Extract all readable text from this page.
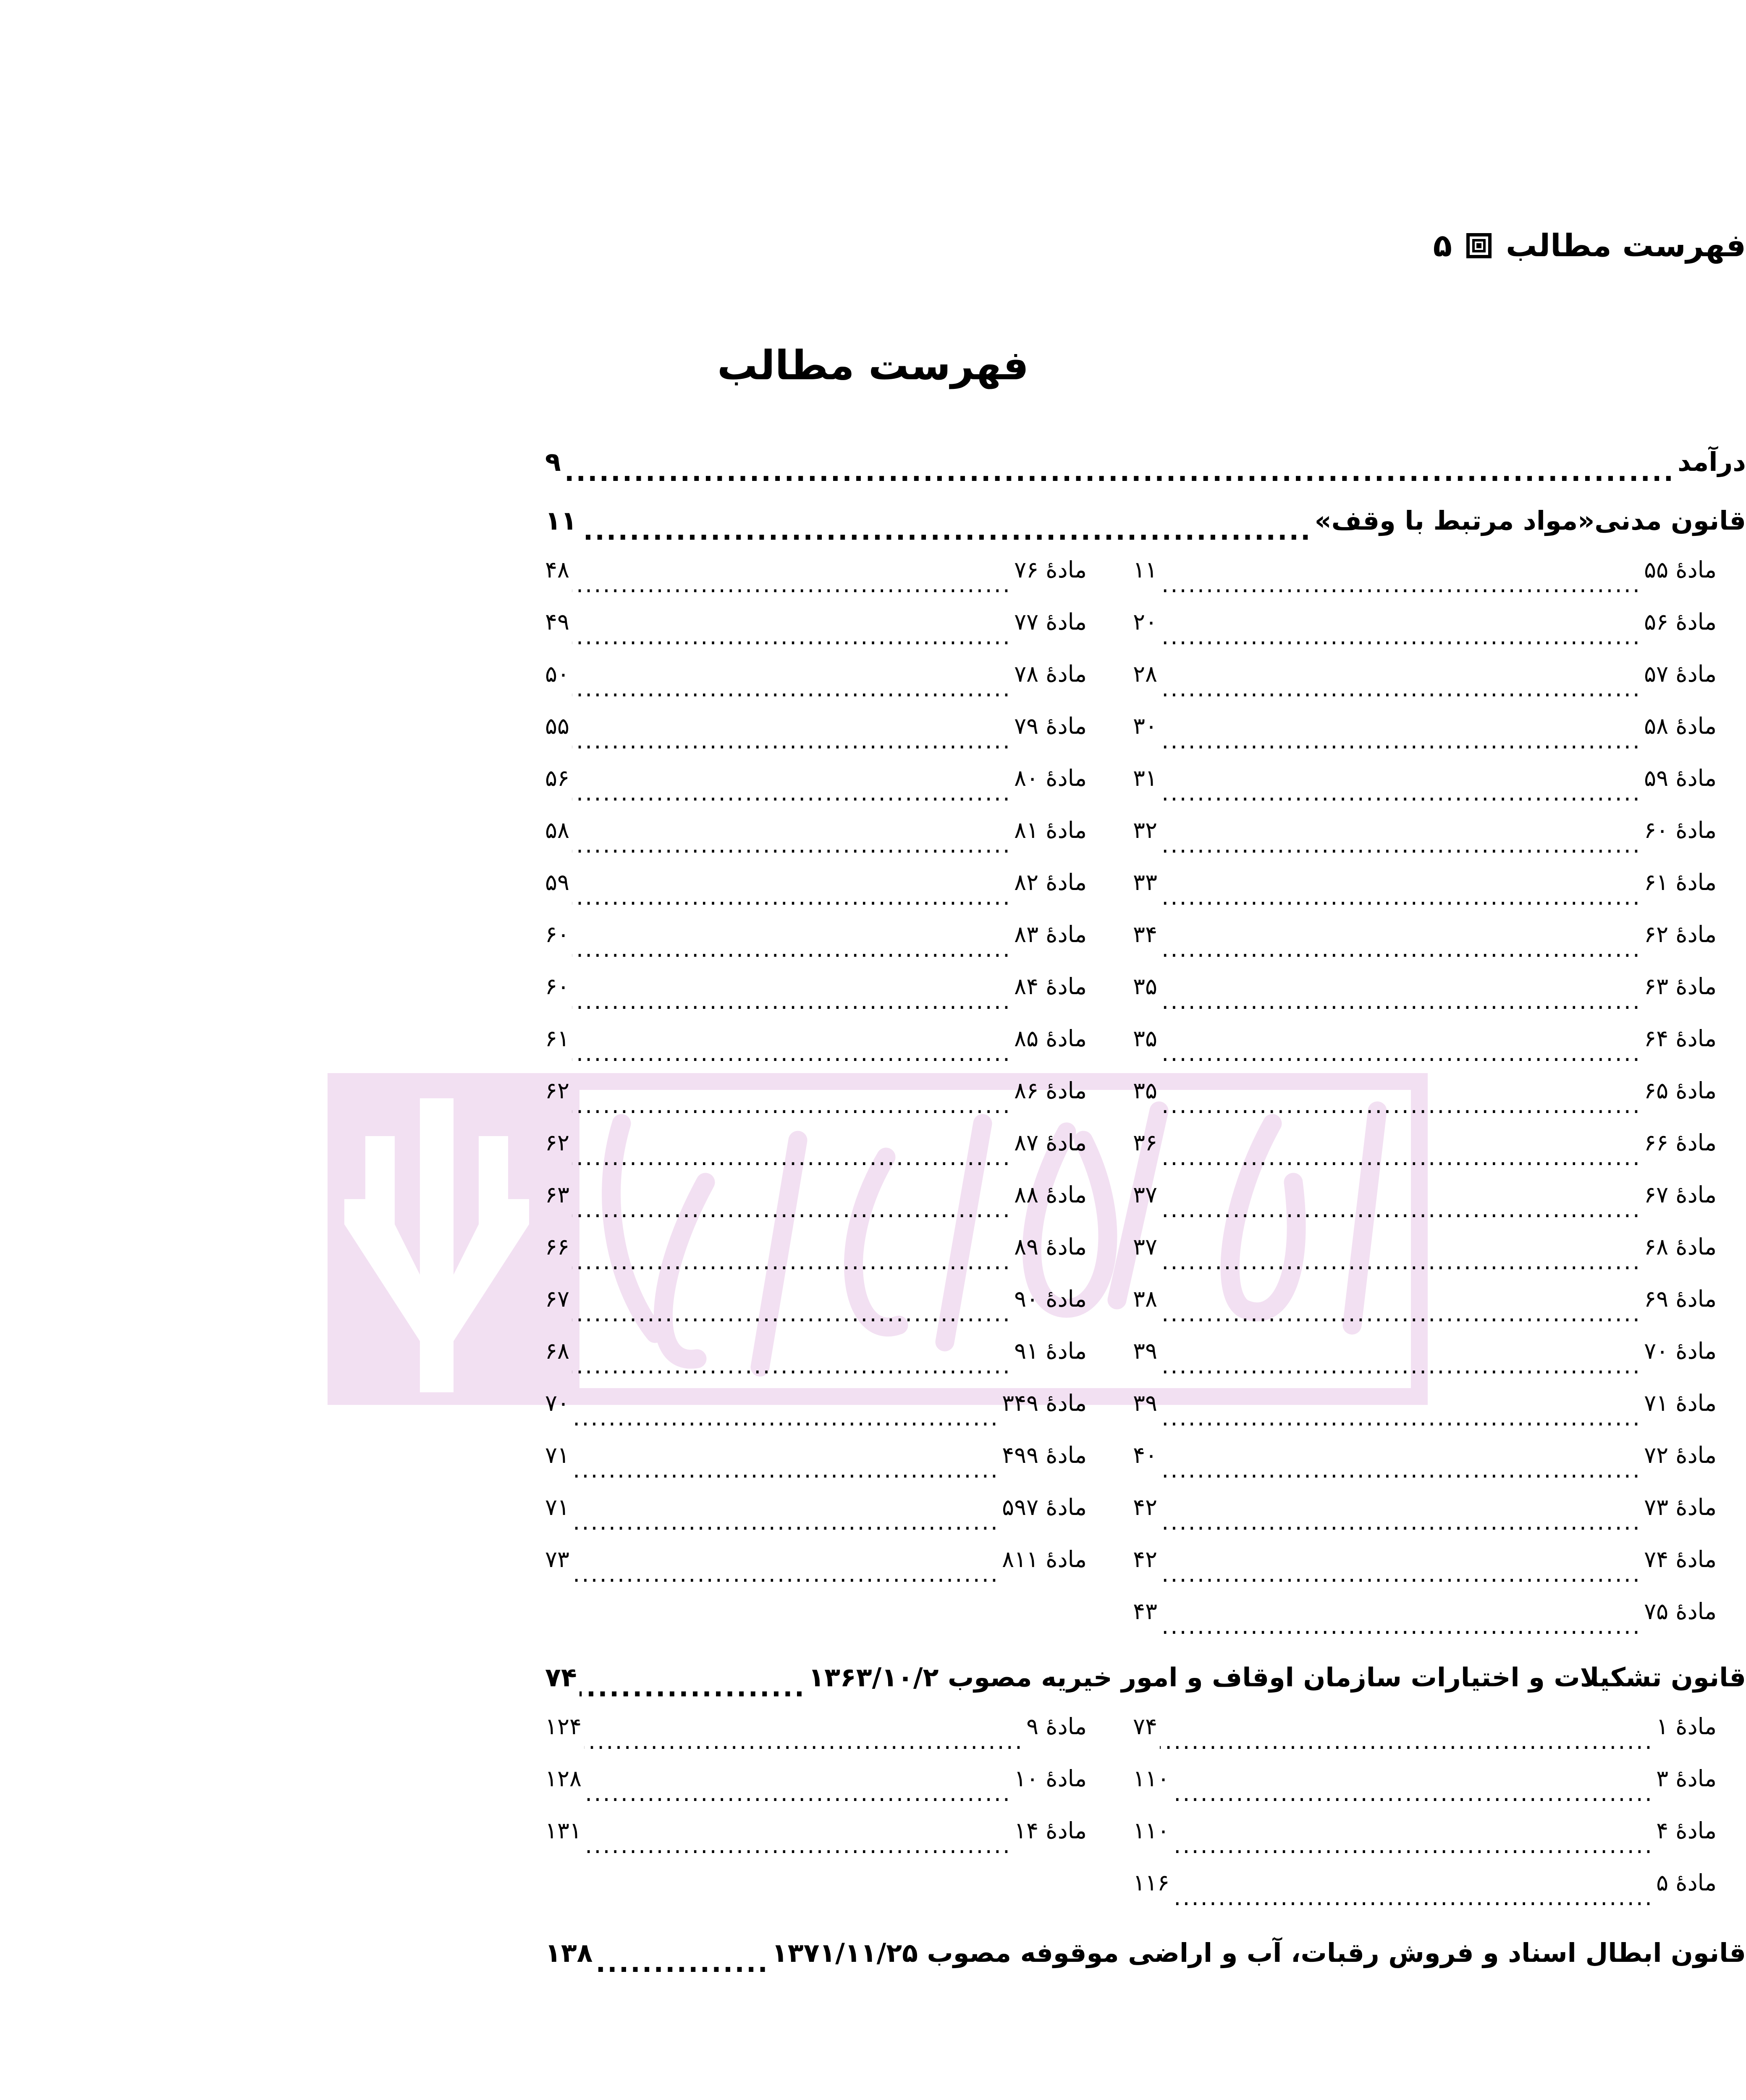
فهرست مطالب
۵
فهرست مطالب
درآمد
.....
۹
قانون مدنی«مواد مرتبط با وقف»
.....
۱۱
مادهٔ ۵۵
.....
۱۱
مادهٔ ۵۶
.....
۲۰
مادهٔ ۵۷
.....
۲۸
مادهٔ ۵۸
.....
۳۰
مادهٔ ۵۹
.....
۳۱
مادهٔ ۶۰
.....
۳۲
مادهٔ ۶۱
.....
۳۳
مادهٔ ۶۲
.....
۳۴
مادهٔ ۶۳
.....
۳۵
مادهٔ ۶۴
.....
۳۵
مادهٔ ۶۵
.....
۳۵
مادهٔ ۶۶
.....
۳۶
مادهٔ ۶۷
.....
۳۷
مادهٔ ۶۸
.....
۳۷
مادهٔ ۶۹
.....
۳۸
مادهٔ ۷۰
.....
۳۹
مادهٔ ۷۱
.....
۳۹
مادهٔ ۷۲
.....
۴۰
مادهٔ ۷۳
.....
۴۲
مادهٔ ۷۴
.....
۴۲
مادهٔ ۷۵
.....
۴۳
مادهٔ ۷۶
.....
۴۸
مادهٔ ۷۷
.....
۴۹
مادهٔ ۷۸
.....
۵۰
مادهٔ ۷۹
.....
۵۵
مادهٔ ۸۰
.....
۵۶
مادهٔ ۸۱
.....
۵۸
مادهٔ ۸۲
.....
۵۹
مادهٔ ۸۳
.....
۶۰
مادهٔ ۸۴
.....
۶۰
مادهٔ ۸۵
.....
۶۱
مادهٔ ۸۶
.....
۶۲
مادهٔ ۸۷
.....
۶۲
مادهٔ ۸۸
.....
۶۳
مادهٔ ۸۹
.....
۶۶
مادهٔ ۹۰
.....
۶۷
مادهٔ ۹۱
.....
۶۸
مادهٔ ۳۴۹
.....
۷۰
مادهٔ ۴۹۹
.....
۷۱
مادهٔ ۵۹۷
.....
۷۱
مادهٔ ۸۱۱
.....
۷۳
قانون تشکیلات و اختیارات سازمان اوقاف و امور خیریه مصوب ۱۳۶۳/۱۰/۲
.....
۷۴
مادهٔ ۱
.....
۷۴
مادهٔ ۳
.....
۱۱۰
مادهٔ ۴
.....
۱۱۰
مادهٔ ۵
.....
۱۱۶
مادهٔ ۹
.....
۱۲۴
مادهٔ ۱۰
.....
۱۲۸
مادهٔ ۱۴
.....
۱۳۱
قانون ابطال اسناد و فروش رقبات، آب و اراضی موقوفه مصوب ۱۳۷۱/۱۱/۲۵
.....
۱۳۸
